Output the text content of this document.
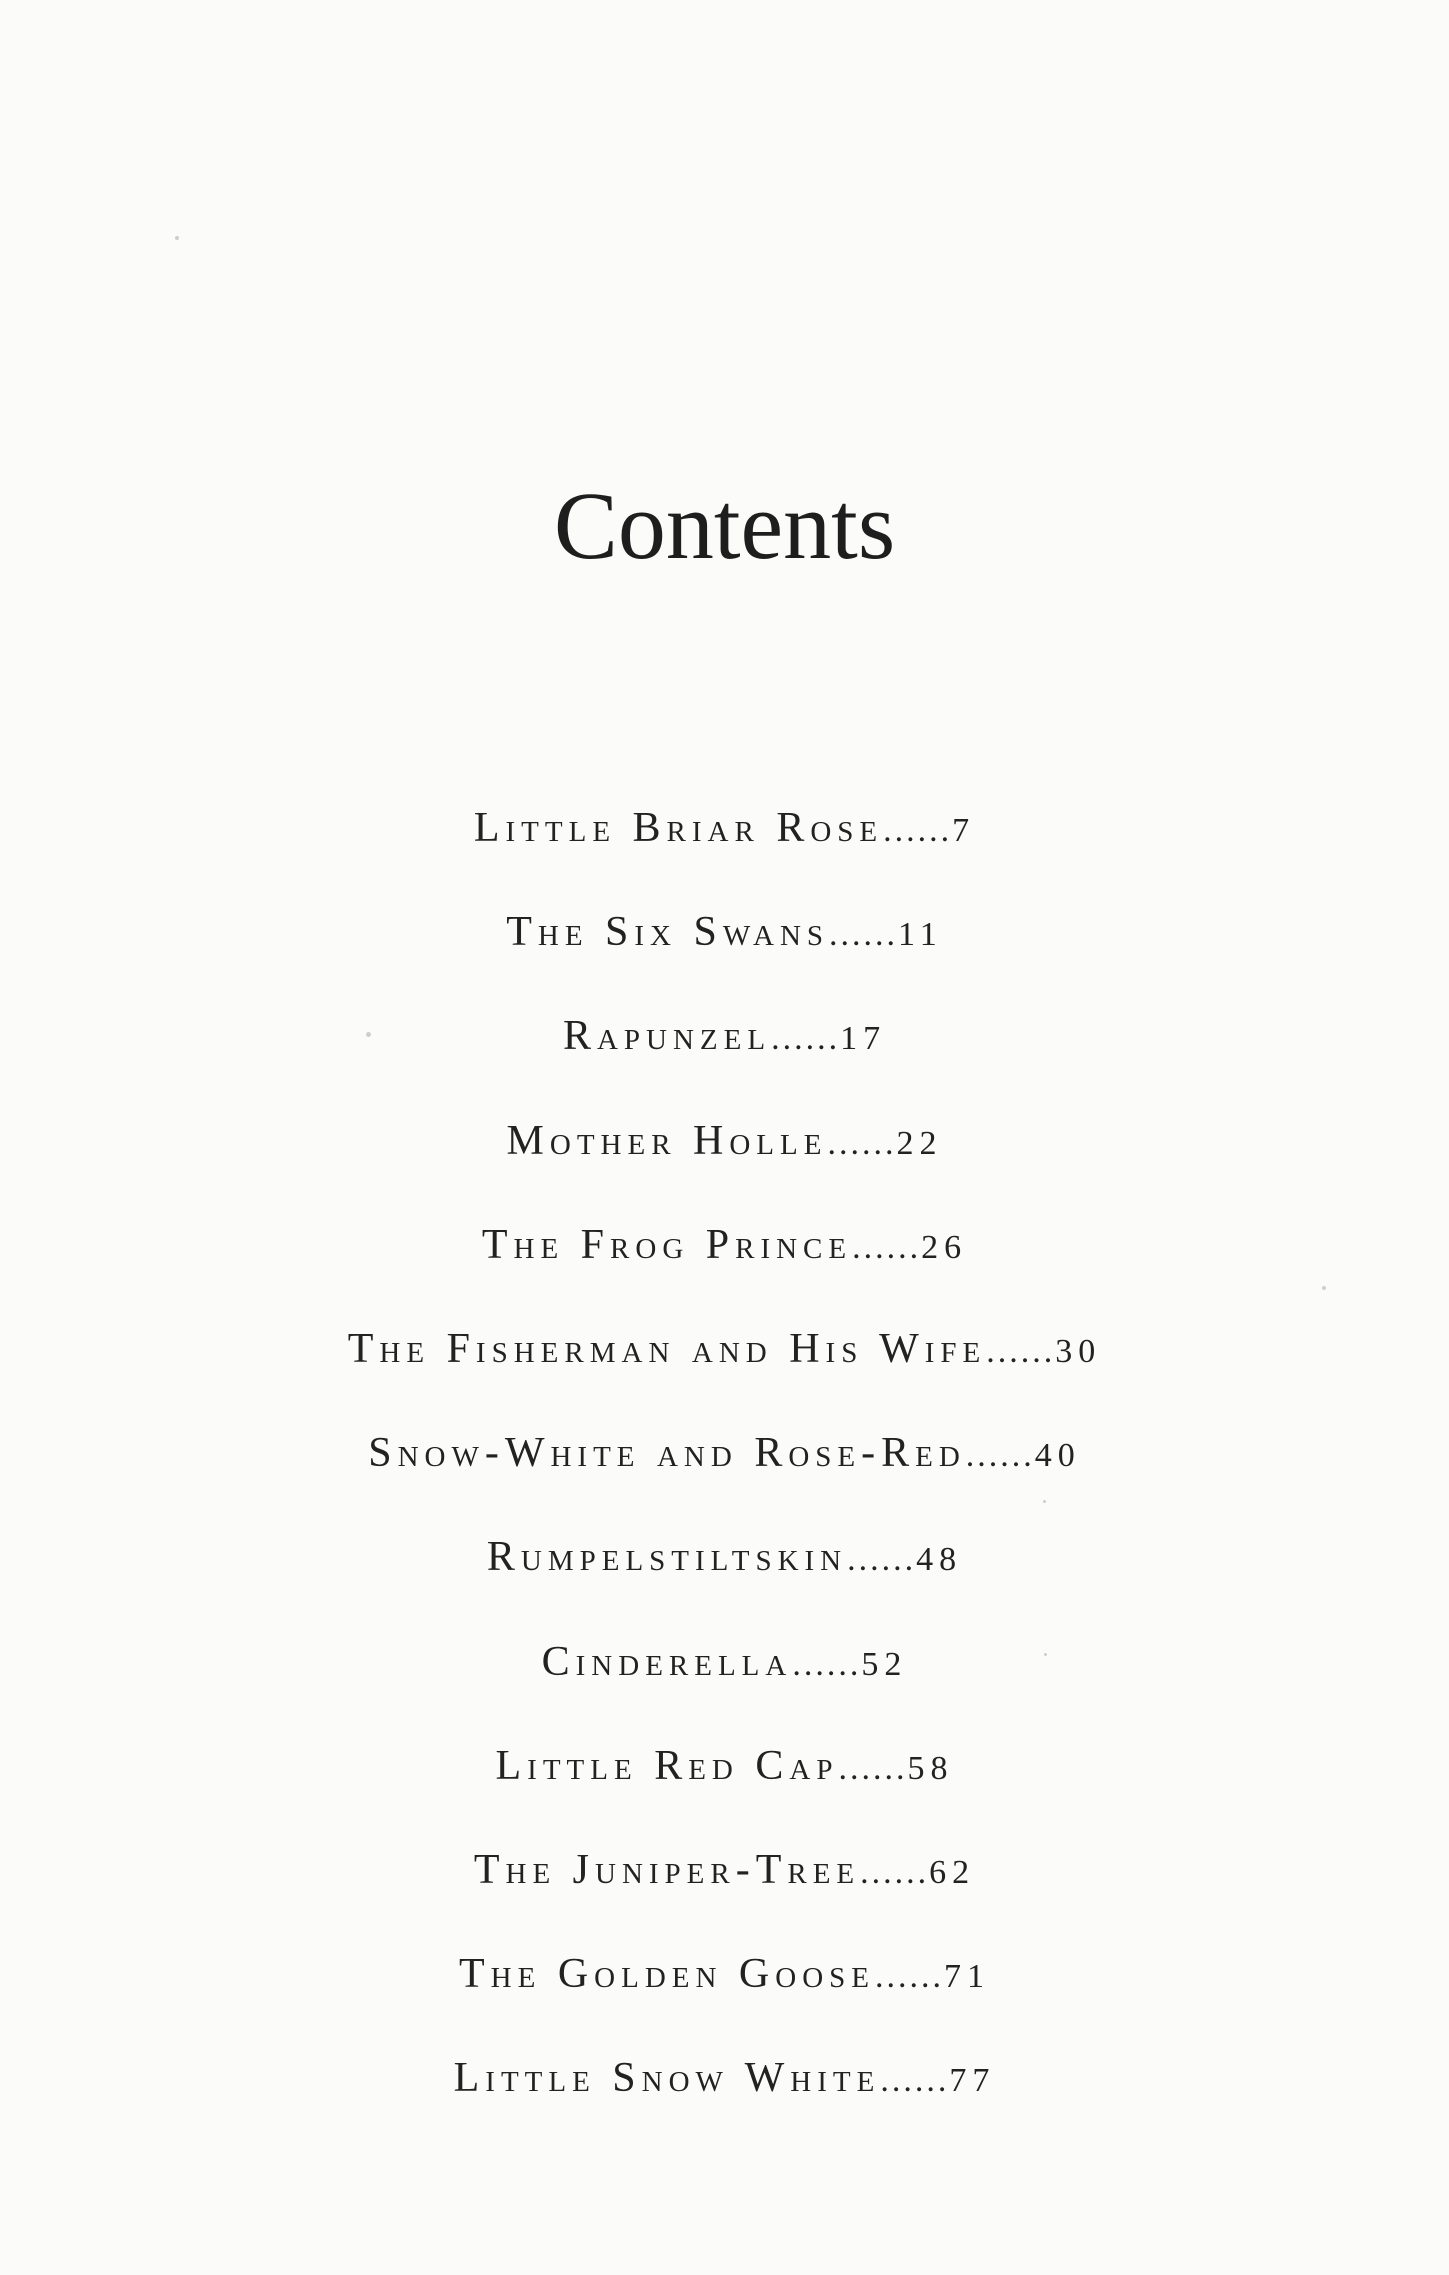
Contents
Little Briar Rose......7
The Six Swans......11
Rapunzel......17
Mother Holle......22
The Frog Prince......26
The Fisherman and His Wife......30
Snow-White and Rose-Red......40
Rumpelstiltskin......48
Cinderella......52
Little Red Cap......58
The Juniper-Tree......62
The Golden Goose......71
Little Snow White......77
